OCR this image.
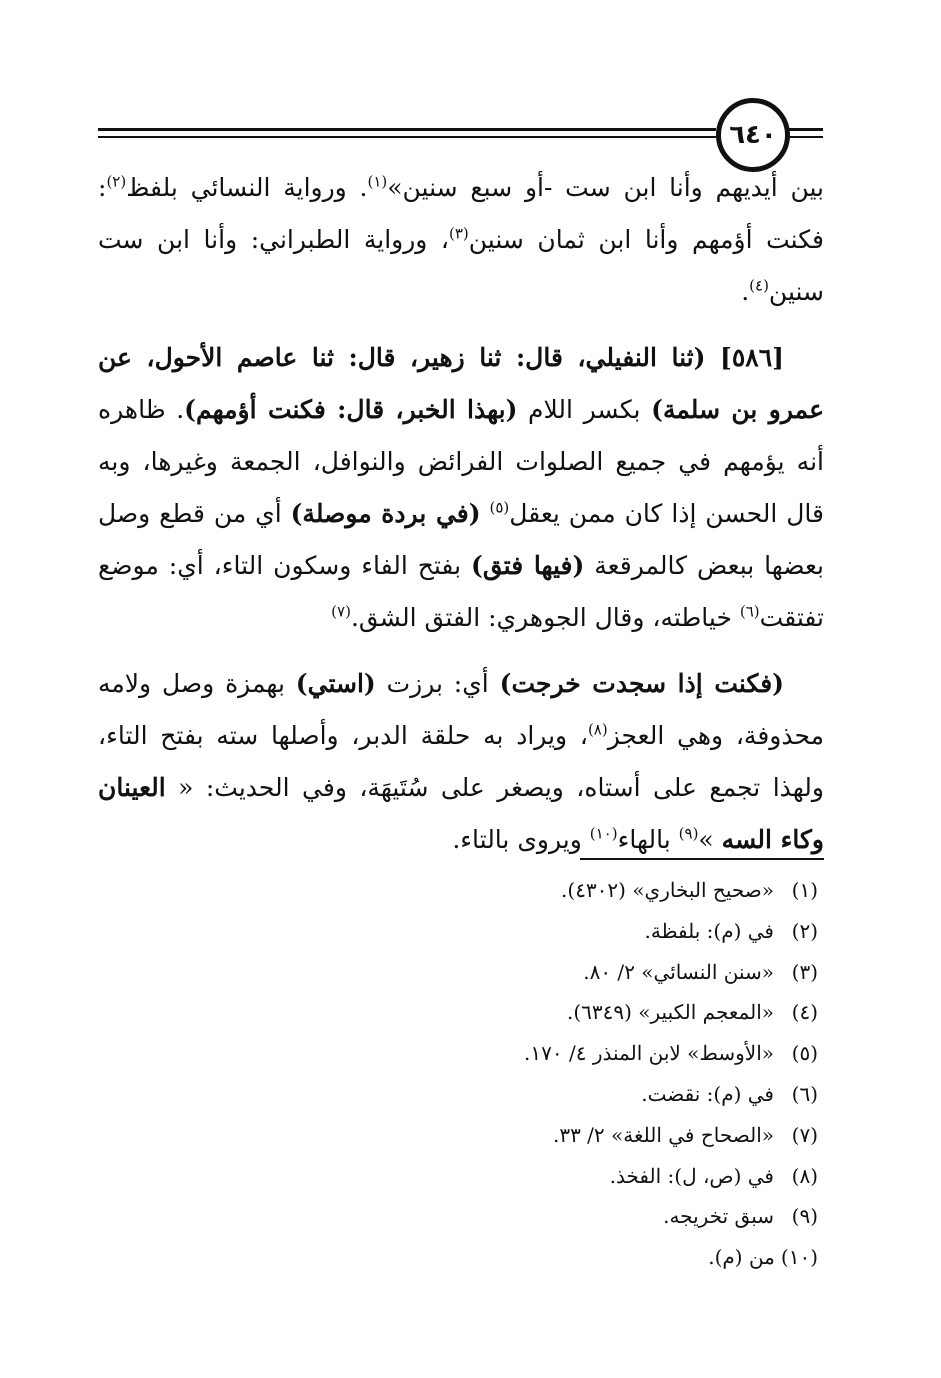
٦٤٠

بين أيديهم وأنا ابن ست -أو سبع سنين»$^{(١)}$. ورواية النسائي بلفظ$^{(٢)}$: فكنت أؤمهم وأنا ابن ثمان سنين$^{(٣)}$، ورواية الطبراني: وأنا ابن ست سنين$^{(٤)}$.

[٥٨٦] (ثنا النفيلي، قال: ثنا زهير، قال: ثنا عاصم الأحول، عن عمرو بن سلمة) بكسر اللام (بهذا الخبر، قال: فكنت أؤمهم). ظاهره أنه يؤمهم في جميع الصلوات الفرائض والنوافل، الجمعة وغيرها، وبه قال الحسن إذا كان ممن يعقل$^{(٥)}$ (في بردة موصلة) أي من قطع وصل بعضها ببعض كالمرقعة (فيها فتق) بفتح الفاء وسكون التاء، أي: موضع تفتقت$^{(٦)}$ خياطته، وقال الجوهري: الفتق الشق.$^{(٧)}$

(فكنت إذا سجدت خرجت) أي: برزت (استي) بهمزة وصل ولامه محذوفة، وهي العجز$^{(٨)}$، ويراد به حلقة الدبر، وأصلها سته بفتح التاء، ولهذا تجمع على أستاه، ويصغر على سُتَيهَة، وفي الحديث: « العينان وكاء السه »$^{(٩)}$ بالهاء$^{(١٠)}$ ويروى بالتاء.

(١)«صحيح البخاري» (٤٣٠٢).
(٢)في (م): بلفظة.
(٣)«سنن النسائي» ٢/ ٨٠.
(٤)«المعجم الكبير» (٦٣٤٩).
(٥)«الأوسط» لابن المنذر ٤/ ١٧٠.
(٦)في (م): نقضت.
(٧)«الصحاح في اللغة» ٢/ ٣٣.
(٨)في (ص، ل): الفخذ.
(٩)سبق تخريجه.
(١٠)من (م).
